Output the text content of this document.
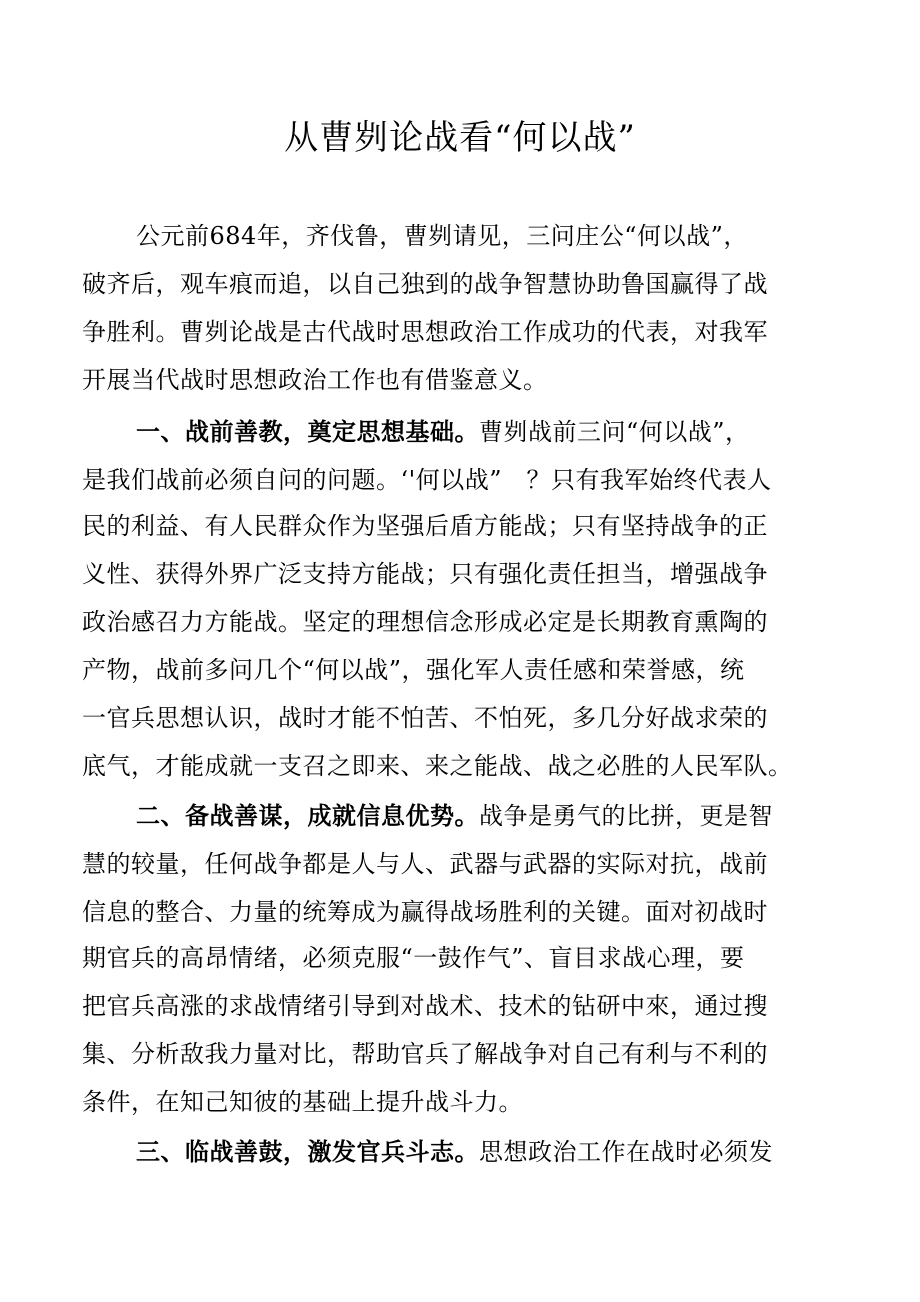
从曹刿论战看“何以战”
公元前684年，齐伐鲁，曹刿请见，三问庄公“何以战”，
破齐后，观车痕而追，以自己独到的战争智慧协助鲁国赢得了战
争胜利。曹刿论战是古代战时思想政治工作成功的代表，对我军
开展当代战时思想政治工作也有借鉴意义。
一、战前善教，奠定思想基础。曹刿战前三问“何以战”，
是我们战前必须自问的问题。‘'何以战”　？只有我军始终代表人
民的利益、有人民群众作为坚强后盾方能战；只有坚持战争的正
义性、获得外界广泛支持方能战；只有强化责任担当，增强战争
政治感召力方能战。坚定的理想信念形成必定是长期教育熏陶的
产物，战前多问几个“何以战”，强化军人责任感和荣誉感，统
一官兵思想认识，战时才能不怕苦、不怕死，多几分好战求荣的
底气，才能成就一支召之即来、来之能战、战之必胜的人民军队。
二、备战善谋，成就信息优势。战争是勇气的比拼，更是智
慧的较量，任何战争都是人与人、武器与武器的实际对抗，战前
信息的整合、力量的统筹成为赢得战场胜利的关键。面对初战时
期官兵的高昂情绪，必须克服“一鼓作气”、盲目求战心理，要
把官兵高涨的求战情绪引导到对战术、技术的钻研中來，通过搜
集、分析敌我力量对比，帮助官兵了解战争对自己有利与不利的
条件，在知己知彼的基础上提升战斗力。
三、临战善鼓，激发官兵斗志。思想政治工作在战时必须发
